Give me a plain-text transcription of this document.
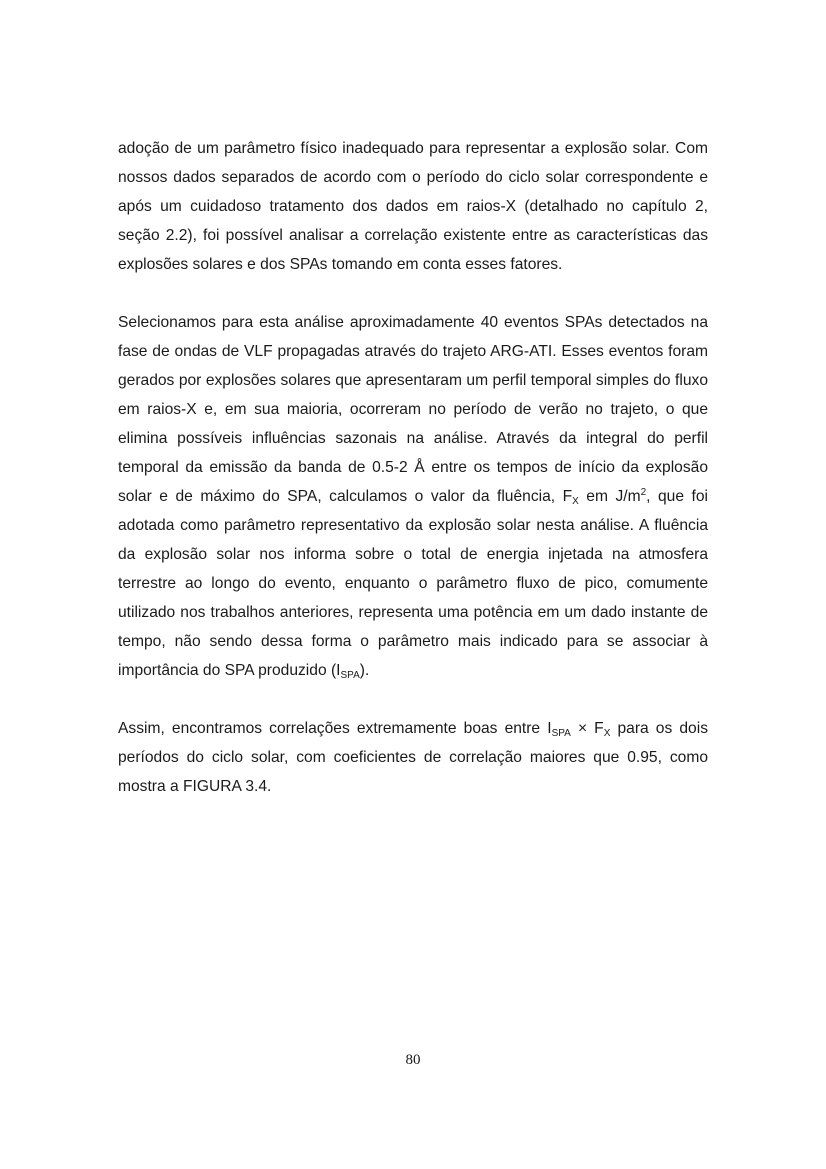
adoção de um parâmetro físico inadequado para representar a explosão solar. Com nossos dados separados de acordo com o período do ciclo solar correspondente e após um cuidadoso tratamento dos dados em raios-X (detalhado no capítulo 2, seção 2.2), foi possível analisar a correlação existente entre as características das explosões solares e dos SPAs tomando em conta esses fatores.

Selecionamos para esta análise aproximadamente 40 eventos SPAs detectados na fase de ondas de VLF propagadas através do trajeto ARG-ATI. Esses eventos foram gerados por explosões solares que apresentaram um perfil temporal simples do fluxo em raios-X e, em sua maioria, ocorreram no período de verão no trajeto, o que elimina possíveis influências sazonais na análise. Através da integral do perfil temporal da emissão da banda de 0.5-2 Å entre os tempos de início da explosão solar e de máximo do SPA, calculamos o valor da fluência, $F_X$ em $J/m^2$, que foi adotada como parâmetro representativo da explosão solar nesta análise. A fluência da explosão solar nos informa sobre o total de energia injetada na atmosfera terrestre ao longo do evento, enquanto o parâmetro fluxo de pico, comumente utilizado nos trabalhos anteriores, representa uma potência em um dado instante de tempo, não sendo dessa forma o parâmetro mais indicado para se associar à importância do SPA produzido $(I_{SPA})$.

Assim, encontramos correlações extremamente boas entre $I_{SPA} \times F_X$ para os dois períodos do ciclo solar, com coeficientes de correlação maiores que 0.95, como mostra a FIGURA 3.4.

80
